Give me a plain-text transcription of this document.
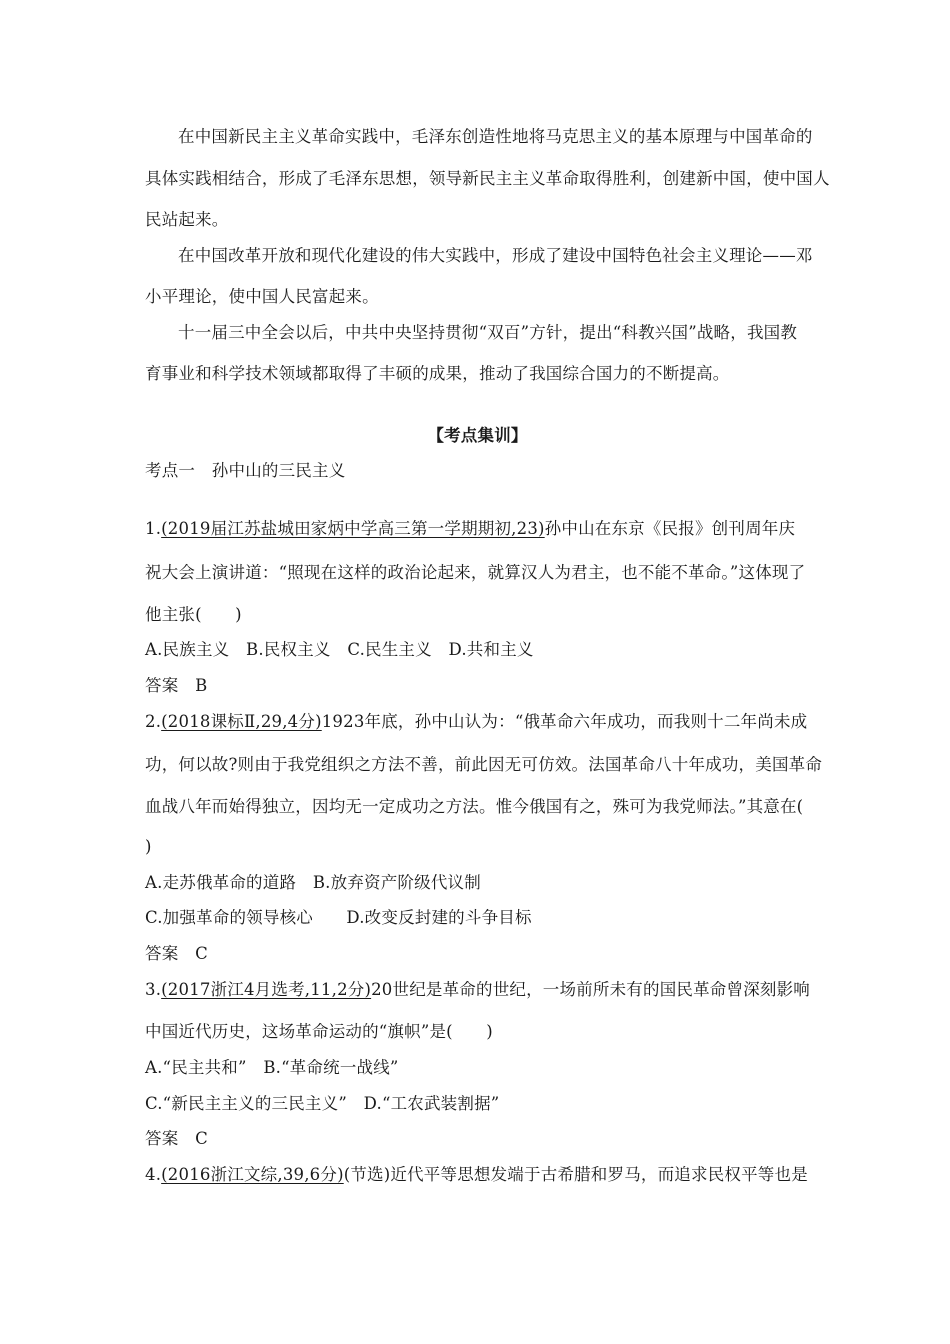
在中国新民主主义革命实践中，毛泽东创造性地将马克思主义的基本原理与中国革命的
具体实践相结合，形成了毛泽东思想，领导新民主主义革命取得胜利，创建新中国，使中国人
民站起来。
在中国改革开放和现代化建设的伟大实践中，形成了建设中国特色社会主义理论——邓
小平理论，使中国人民富起来。
十一届三中全会以后，中共中央坚持贯彻“双百”方针，提出“科教兴国”战略，我国教
育事业和科学技术领域都取得了丰硕的成果，推动了我国综合国力的不断提高。
【考点集训】
考点一　孙中山的三民主义
1.(2019届江苏盐城田家炳中学高三第一学期期初,23)孙中山在东京《民报》创刊周年庆
祝大会上演讲道：“照现在这样的政治论起来，就算汉人为君主，也不能不革命。”这体现了
他主张(　　)
A.民族主义　B.民权主义　C.民生主义　D.共和主义
答案　B
2.(2018课标Ⅱ,29,4分)1923年底，孙中山认为：“俄革命六年成功，而我则十二年尚未成
功，何以故?则由于我党组织之方法不善，前此因无可仿效。法国革命八十年成功，美国革命
血战八年而始得独立，因均无一定成功之方法。惟今俄国有之，殊可为我党师法。”其意在(
)
A.走苏俄革命的道路　B.放弃资产阶级代议制
C.加强革命的领导核心　　D.改变反封建的斗争目标
答案　C
3.(2017浙江4月选考,11,2分)20世纪是革命的世纪，一场前所未有的国民革命曾深刻影响
中国近代历史，这场革命运动的“旗帜”是(　　)
A.“民主共和”　B.“革命统一战线”
C.“新民主主义的三民主义”　D.“工农武装割据”
答案　C
4.(2016浙江文综,39,6分)(节选)近代平等思想发端于古希腊和罗马，而追求民权平等也是
